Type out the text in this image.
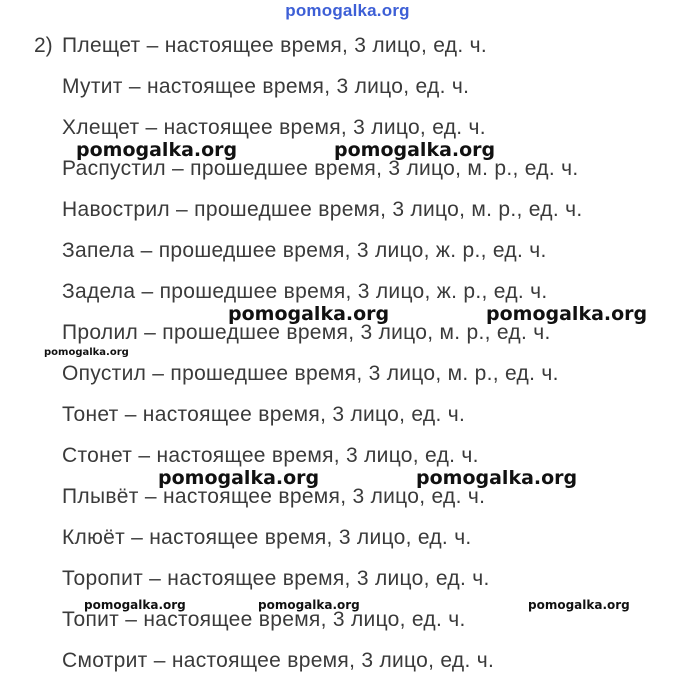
pomogalka.org
2) Плещет – настоящее время, 3 лицо, ед. ч.
Мутит – настоящее время, 3 лицо, ед. ч.
Хлещет – настоящее время, 3 лицо, ед. ч.
Распустил – прошедшее время, 3 лицо, м. р., ед. ч.
Навострил – прошедшее время, 3 лицо, м. р., ед. ч.
Запела – прошедшее время, 3 лицо, ж. р., ед. ч.
Задела – прошедшее время, 3 лицо, ж. р., ед. ч.
Пролил – прошедшее время, 3 лицо, м. р., ед. ч.
Опустил – прошедшее время, 3 лицо, м. р., ед. ч.
Тонет – настоящее время, 3 лицо, ед. ч.
Стонет – настоящее время, 3 лицо, ед. ч.
Плывёт – настоящее время, 3 лицо, ед. ч.
Клюёт – настоящее время, 3 лицо, ед. ч.
Торопит – настоящее время, 3 лицо, ед. ч.
Топит – настоящее время, 3 лицо, ед. ч.
Смотрит – настоящее время, 3 лицо, ед. ч.
pomogalka.org	pomogalka.org
pomogalka.org	pomogalka.org
pomogalka.org
pomogalka.org	pomogalka.org
pomogalka.org	pomogalka.org	pomogalka.org
